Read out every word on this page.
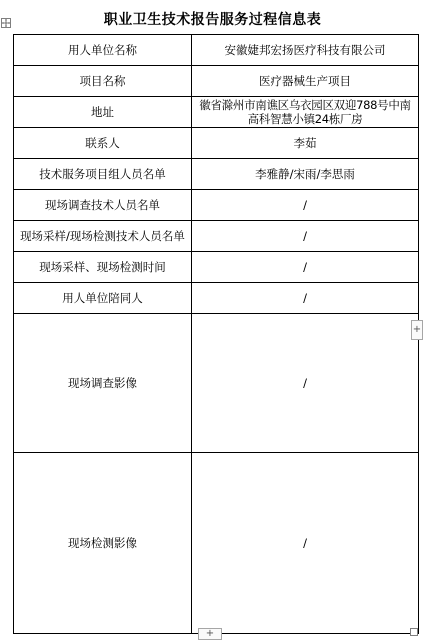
职业卫生技术报告服务过程信息表
用人单位名称	安徽婕邦宏扬医疗科技有限公司
项目名称	医疗器械生产项目
地址	徽省滁州市南谯区乌衣园区双迎788号中南高科智慧小镇24栋厂房
联系人	李茹
技术服务项目组人员名单	李雅静/宋雨/李思雨
现场调查技术人员名单	/
现场采样/现场检测技术人员名单	/
现场采样、现场检测时间	/
用人单位陪同人	/
现场调查影像	/
现场检测影像	/
+
+
